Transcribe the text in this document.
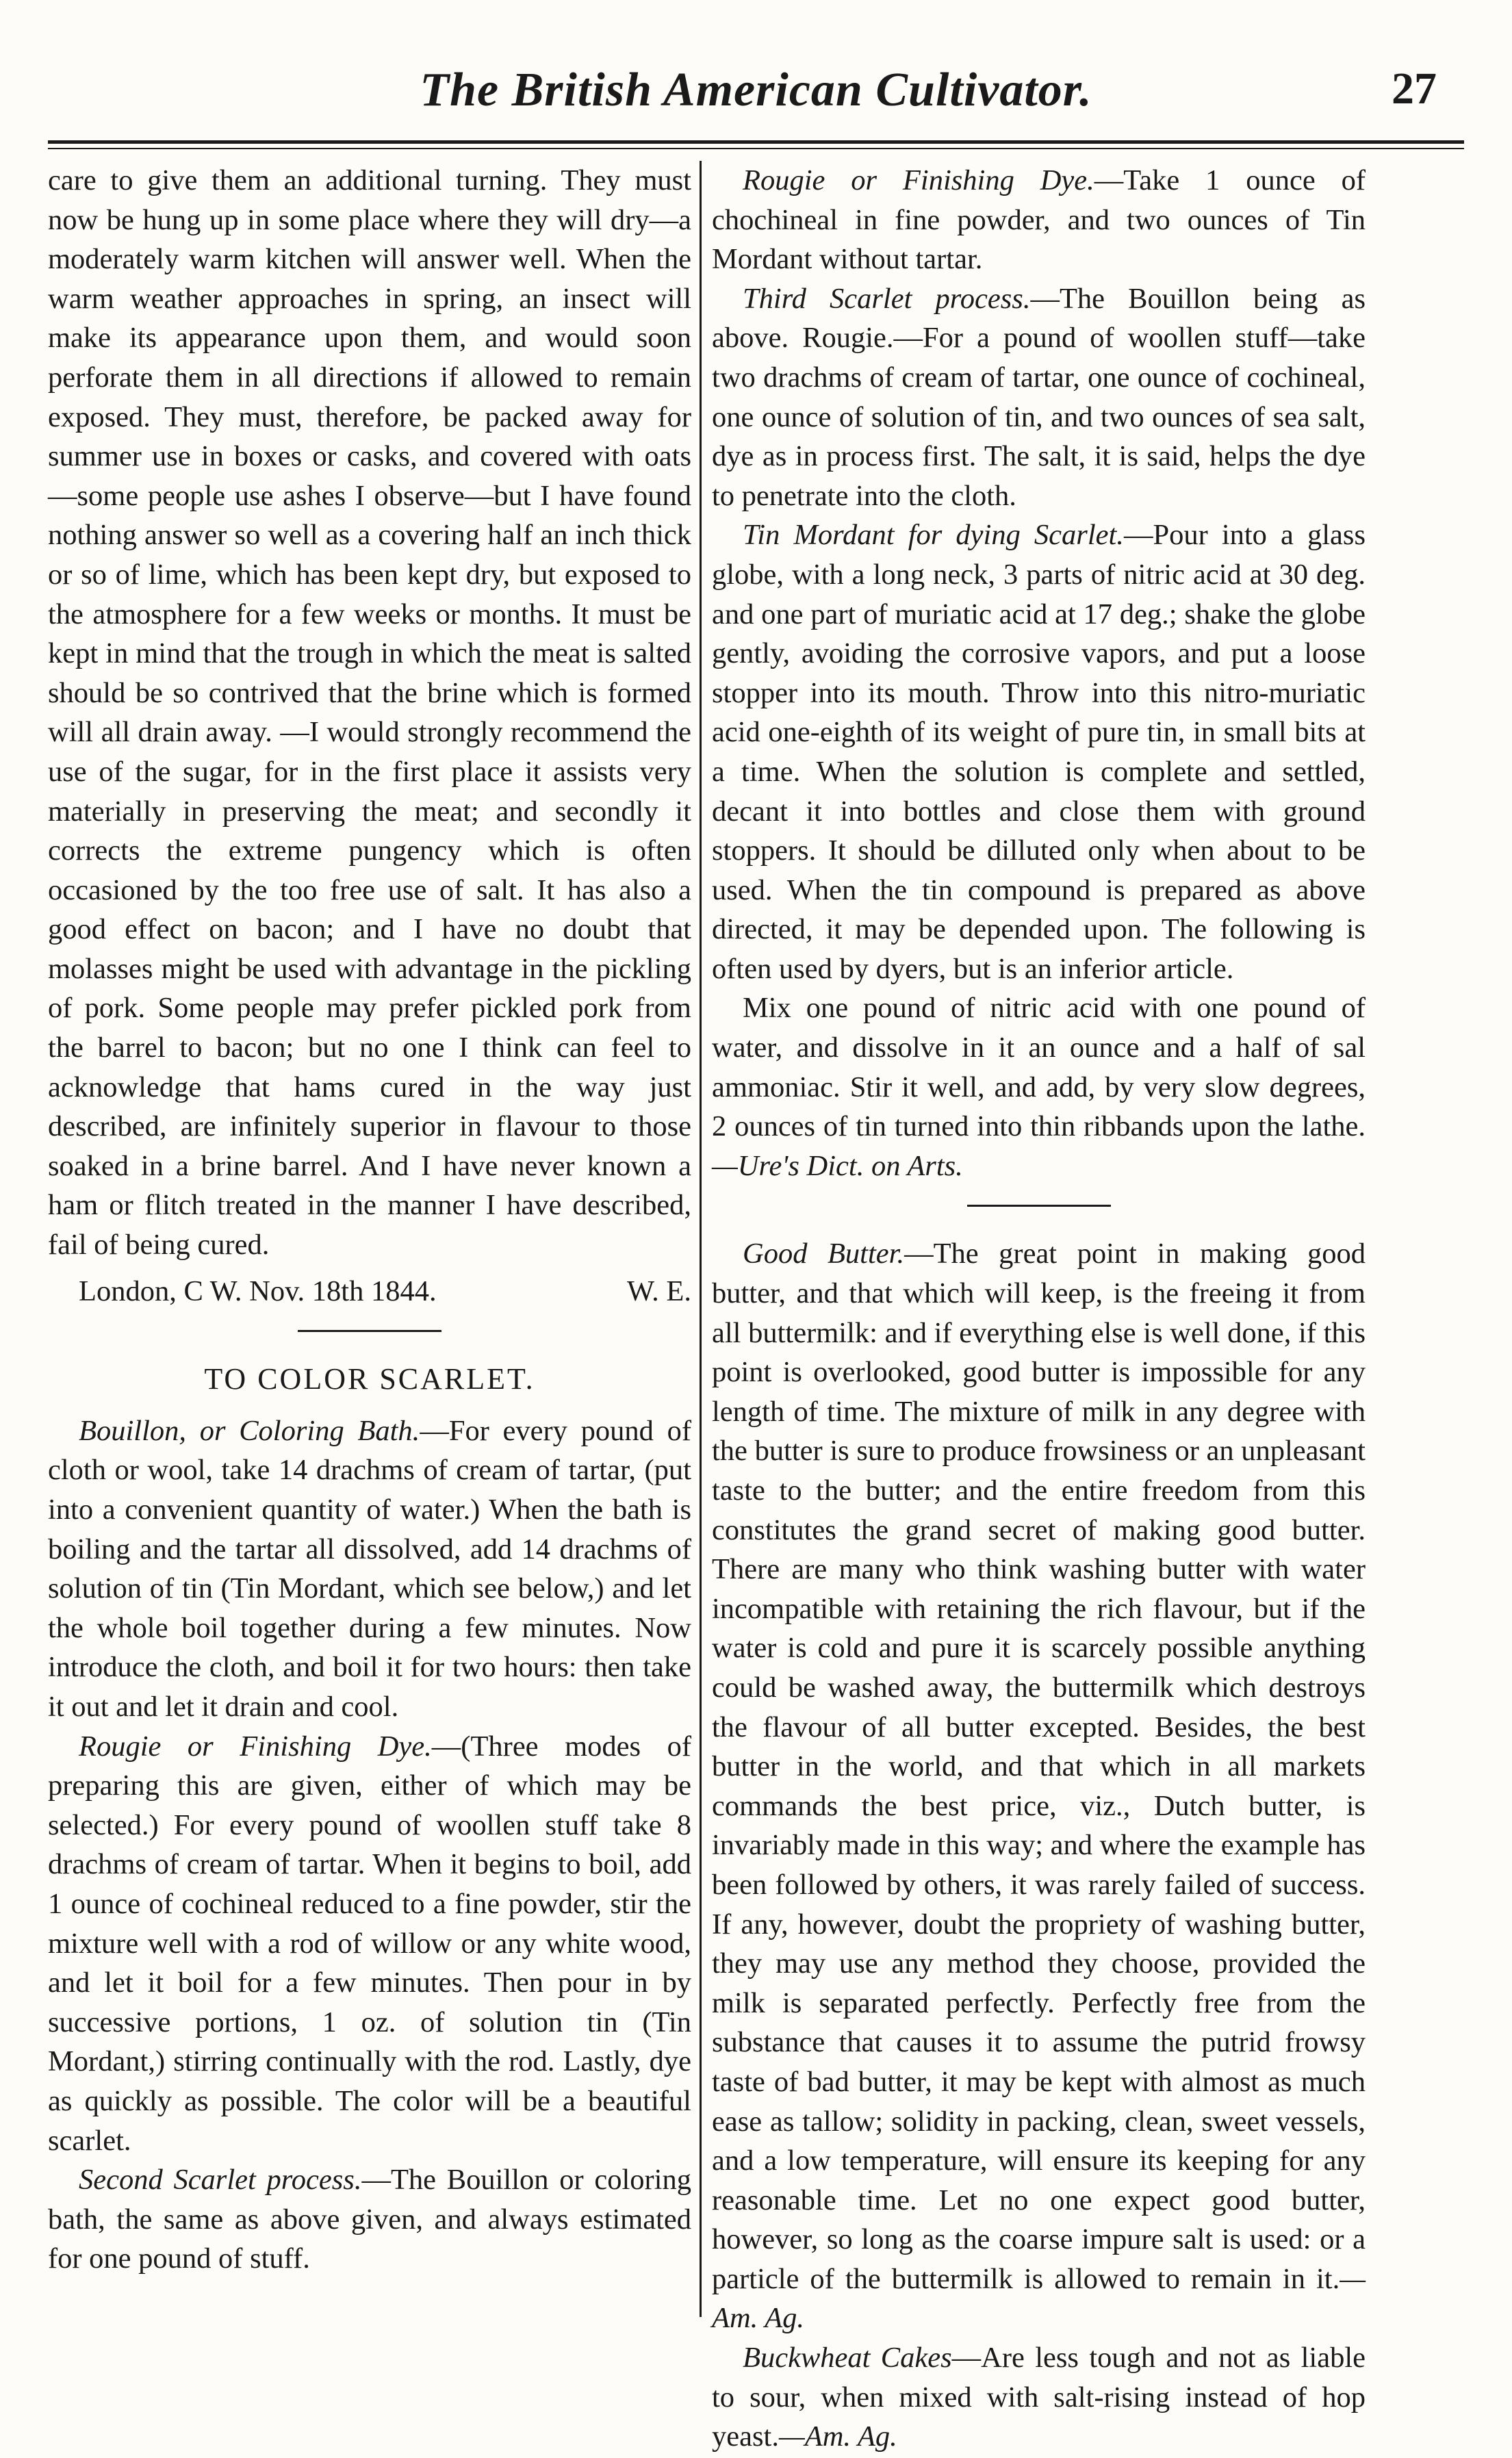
The British American Cultivator.	27

care to give them an additional turning. They must now be hung up in some place where they will dry—a moderately warm kitchen will answer well. When the warm weather approaches in spring, an insect will make its appearance upon them, and would soon perforate them in all directions if allowed to remain exposed. They must, therefore, be packed away for summer use in boxes or casks, and covered with oats—some people use ashes I observe—but I have found nothing answer so well as a covering half an inch thick or so of lime, which has been kept dry, but exposed to the atmosphere for a few weeks or months. It must be kept in mind that the trough in which the meat is salted should be so contrived that the brine which is formed will all drain away. —I would strongly recommend the use of the sugar, for in the first place it assists very materially in preserving the meat; and secondly it corrects the extreme pungency which is often occasioned by the too free use of salt. It has also a good effect on bacon; and I have no doubt that molasses might be used with advantage in the pickling of pork. Some people may prefer pickled pork from the barrel to bacon; but no one I think can feel to acknowledge that hams cured in the way just described, are infinitely superior in flavour to those soaked in a brine barrel. And I have never known a ham or flitch treated in the manner I have described, fail of being cured.

London, C W. Nov. 18th 1844.	W. E.
TO COLOR SCARLET.

Bouillon, or Coloring Bath.—For every pound of cloth or wool, take 14 drachms of cream of tartar, (put into a convenient quantity of water.) When the bath is boiling and the tartar all dissolved, add 14 drachms of solution of tin (Tin Mordant, which see below,) and let the whole boil together during a few minutes. Now introduce the cloth, and boil it for two hours: then take it out and let it drain and cool.

Rougie or Finishing Dye.—(Three modes of preparing this are given, either of which may be selected.) For every pound of woollen stuff take 8 drachms of cream of tartar. When it begins to boil, add 1 ounce of cochineal reduced to a fine powder, stir the mixture well with a rod of willow or any white wood, and let it boil for a few minutes. Then pour in by successive portions, 1 oz. of solution tin (Tin Mordant,) stirring continually with the rod. Lastly, dye as quickly as possible. The color will be a beautiful scarlet.

Second Scarlet process.—The Bouillon or coloring bath, the same as above given, and always estimated for one pound of stuff.

Rougie or Finishing Dye.—Take 1 ounce of chochineal in fine powder, and two ounces of Tin Mordant without tartar.

Third Scarlet process.—The Bouillon being as above. Rougie.—For a pound of woollen stuff—take two drachms of cream of tartar, one ounce of cochineal, one ounce of solution of tin, and two ounces of sea salt, dye as in process first. The salt, it is said, helps the dye to penetrate into the cloth.

Tin Mordant for dying Scarlet.—Pour into a glass globe, with a long neck, 3 parts of nitric acid at 30 deg. and one part of muriatic acid at 17 deg.; shake the globe gently, avoiding the corrosive vapors, and put a loose stopper into its mouth. Throw into this nitro-muriatic acid one-eighth of its weight of pure tin, in small bits at a time. When the solution is complete and settled, decant it into bottles and close them with ground stoppers. It should be dilluted only when about to be used. When the tin compound is prepared as above directed, it may be depended upon. The following is often used by dyers, but is an inferior article.

Mix one pound of nitric acid with one pound of water, and dissolve in it an ounce and a half of sal ammoniac. Stir it well, and add, by very slow degrees, 2 ounces of tin turned into thin ribbands upon the lathe.—Ure's Dict. on Arts.

Good Butter.—The great point in making good butter, and that which will keep, is the freeing it from all buttermilk: and if everything else is well done, if this point is overlooked, good butter is impossible for any length of time. The mixture of milk in any degree with the butter is sure to produce frowsiness or an unpleasant taste to the butter; and the entire freedom from this constitutes the grand secret of making good butter. There are many who think washing butter with water incompatible with retaining the rich flavour, but if the water is cold and pure it is scarcely possible anything could be washed away, the buttermilk which destroys the flavour of all butter excepted. Besides, the best butter in the world, and that which in all markets commands the best price, viz., Dutch butter, is invariably made in this way; and where the example has been followed by others, it was rarely failed of success. If any, however, doubt the propriety of washing butter, they may use any method they choose, provided the milk is separated perfectly. Perfectly free from the substance that causes it to assume the putrid frowsy taste of bad butter, it may be kept with almost as much ease as tallow; solidity in packing, clean, sweet vessels, and a low temperature, will ensure its keeping for any reasonable time. Let no one expect good butter, however, so long as the coarse impure salt is used: or a particle of the buttermilk is allowed to remain in it.—Am. Ag.

Buckwheat Cakes—Are less tough and not as liable to sour, when mixed with salt-rising instead of hop yeast.—Am. Ag.
